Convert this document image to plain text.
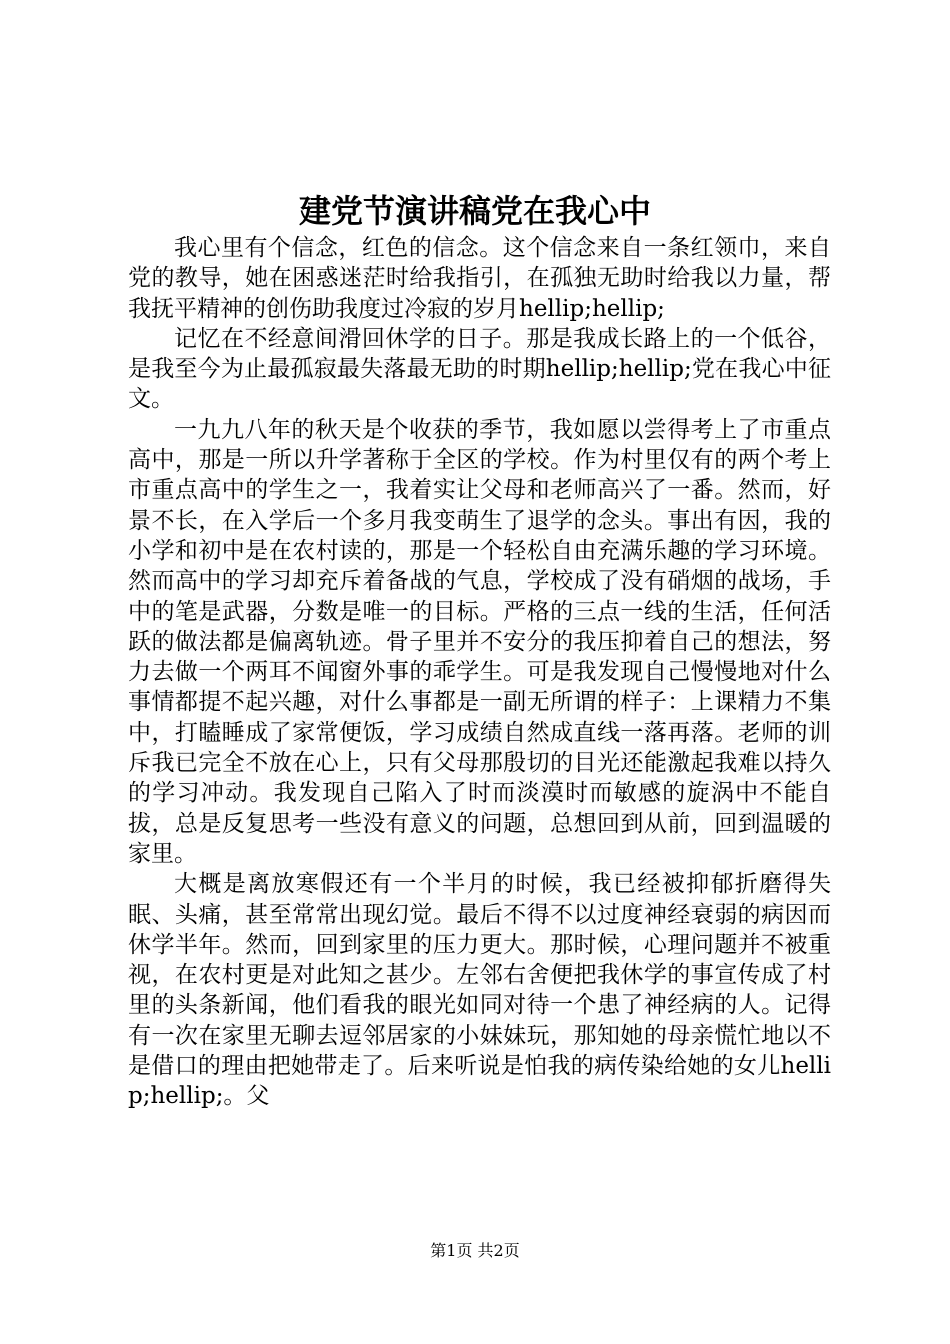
建党节演讲稿党在我心中

我心里有个信念，红色的信念。这个信念来自一条红领巾，来自党的教导，她在困惑迷茫时给我指引，在孤独无助时给我以力量，帮我抚平精神的创伤助我度过冷寂的岁月hellip;hellip;

记忆在不经意间滑回休学的日子。那是我成长路上的一个低谷，是我至今为止最孤寂最失落最无助的时期hellip;hellip;党在我心中征文。

一九九八年的秋天是个收获的季节，我如愿以尝得考上了市重点高中，那是一所以升学著称于全区的学校。作为村里仅有的两个考上市重点高中的学生之一，我着实让父母和老师高兴了一番。然而，好景不长，在入学后一个多月我变萌生了退学的念头。事出有因，我的小学和初中是在农村读的，那是一个轻松自由充满乐趣的学习环境。然而高中的学习却充斥着备战的气息，学校成了没有硝烟的战场，手中的笔是武器，分数是唯一的目标。严格的三点一线的生活，任何活跃的做法都是偏离轨迹。骨子里并不安分的我压抑着自己的想法，努力去做一个两耳不闻窗外事的乖学生。可是我发现自己慢慢地对什么事情都提不起兴趣，对什么事都是一副无所谓的样子：上课精力不集中，打瞌睡成了家常便饭，学习成绩自然成直线一落再落。老师的训斥我已完全不放在心上，只有父母那殷切的目光还能激起我难以持久的学习冲动。我发现自己陷入了时而淡漠时而敏感的旋涡中不能自拔，总是反复思考一些没有意义的问题，总想回到从前，回到温暖的家里。

大概是离放寒假还有一个半月的时候，我已经被抑郁折磨得失眠、头痛，甚至常常出现幻觉。最后不得不以过度神经衰弱的病因而休学半年。然而，回到家里的压力更大。那时候，心理问题并不被重视，在农村更是对此知之甚少。左邻右舍便把我休学的事宣传成了村里的头条新闻，他们看我的眼光如同对待一个患了神经病的人。记得有一次在家里无聊去逗邻居家的小妹妹玩，那知她的母亲慌忙地以不是借口的理由把她带走了。后来听说是怕我的病传染给她的女儿hellip;hellip;。父

第1页 共2页
